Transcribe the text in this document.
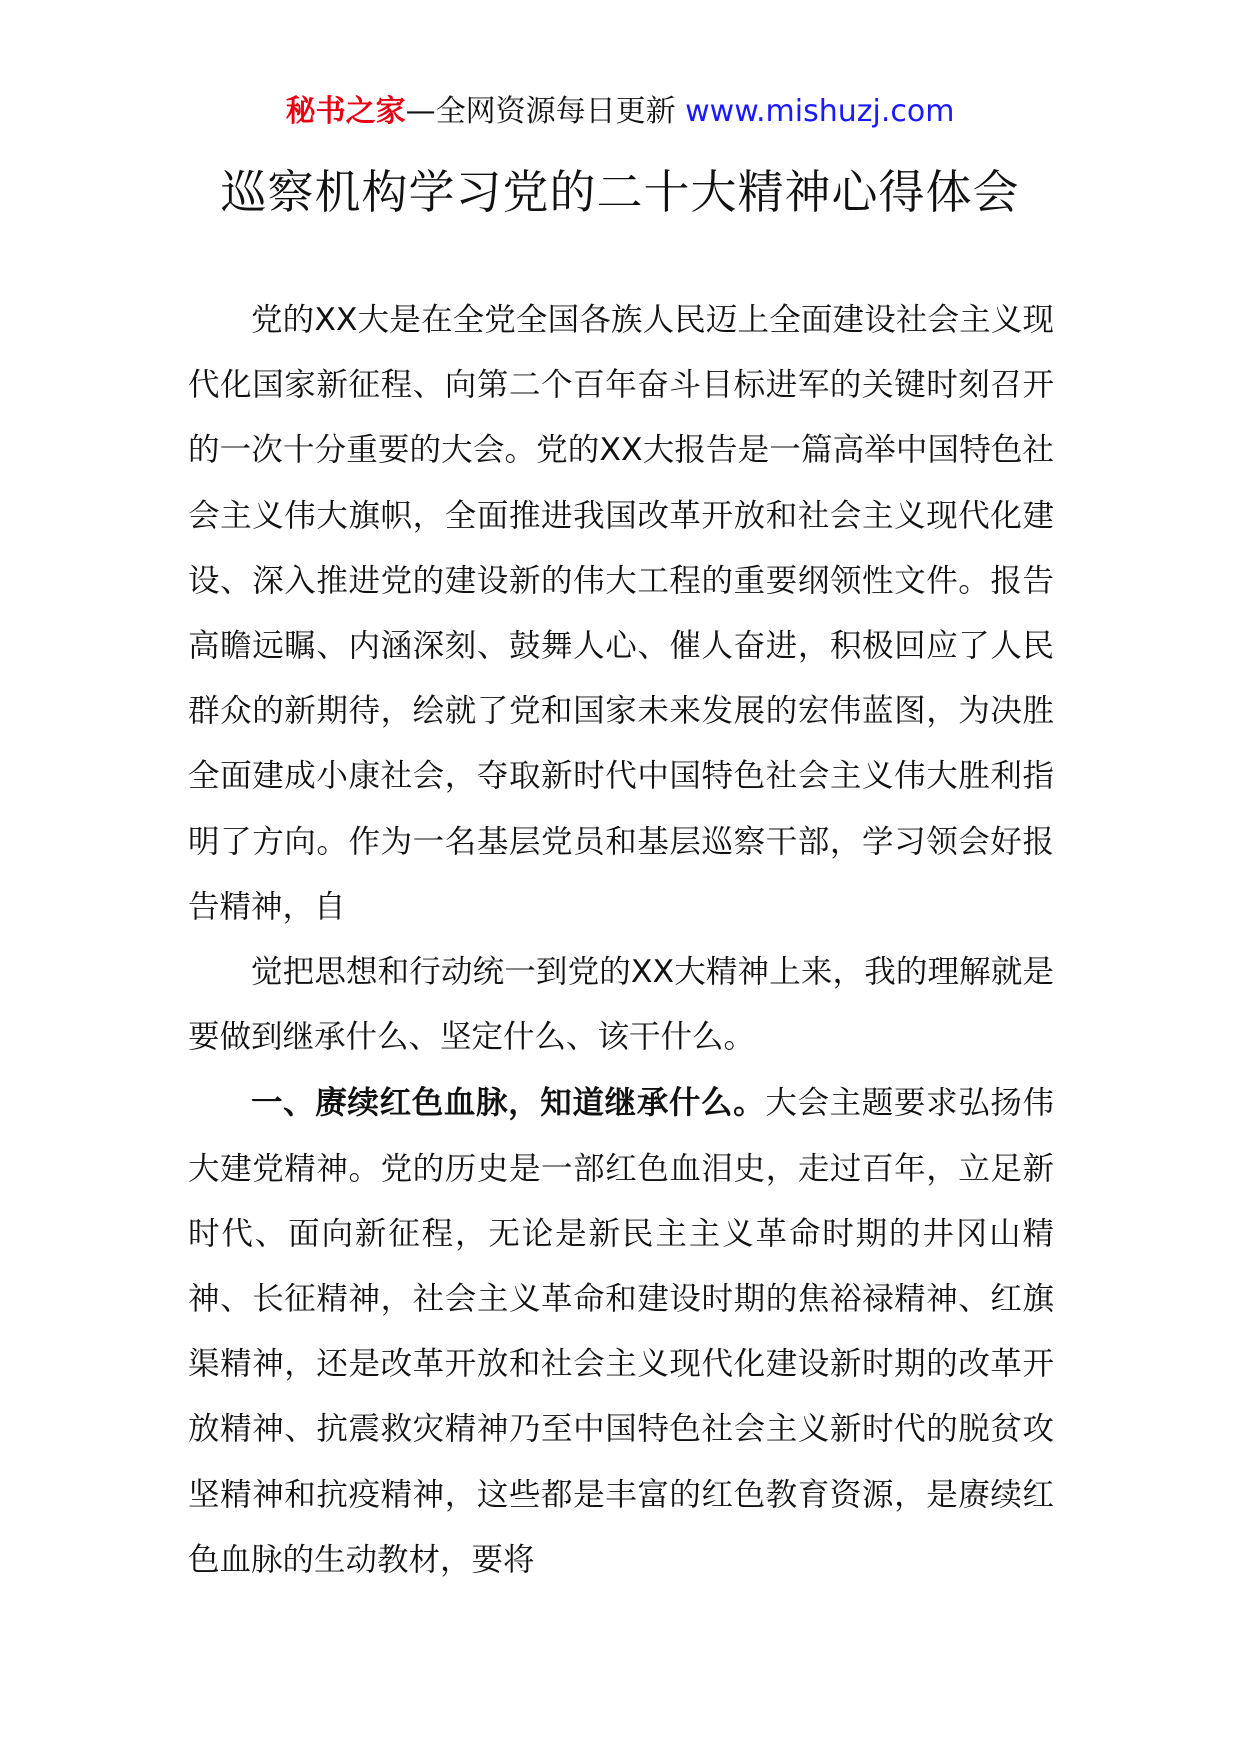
秘书之家—全网资源每日更新 www.mishuzj.com
巡察机构学习党的二十大精神心得体会

党的XX大是在全党全国各族人民迈上全面建设社会主义现代化国家新征程、向第二个百年奋斗目标进军的关键时刻召开的一次十分重要的大会。党的XX大报告是一篇高举中国特色社会主义伟大旗帜，全面推进我国改革开放和社会主义现代化建设、深入推进党的建设新的伟大工程的重要纲领性文件。报告高瞻远瞩、内涵深刻、鼓舞人心、催人奋进，积极回应了人民群众的新期待，绘就了党和国家未来发展的宏伟蓝图，为决胜全面建成小康社会，夺取新时代中国特色社会主义伟大胜利指明了方向。作为一名基层党员和基层巡察干部，学习领会好报告精神，自

觉把思想和行动统一到党的XX大精神上来，我的理解就是要做到继承什么、坚定什么、该干什么。

一、赓续红色血脉，知道继承什么。大会主题要求弘扬伟大建党精神。党的历史是一部红色血泪史，走过百年，立足新时代、面向新征程，无论是新民主主义革命时期的井冈山精神、长征精神，社会主义革命和建设时期的焦裕禄精神、红旗渠精神，还是改革开放和社会主义现代化建设新时期的改革开放精神、抗震救灾精神乃至中国特色社会主义新时代的脱贫攻坚精神和抗疫精神，这些都是丰富的红色教育资源，是赓续红色血脉的生动教材，要将
